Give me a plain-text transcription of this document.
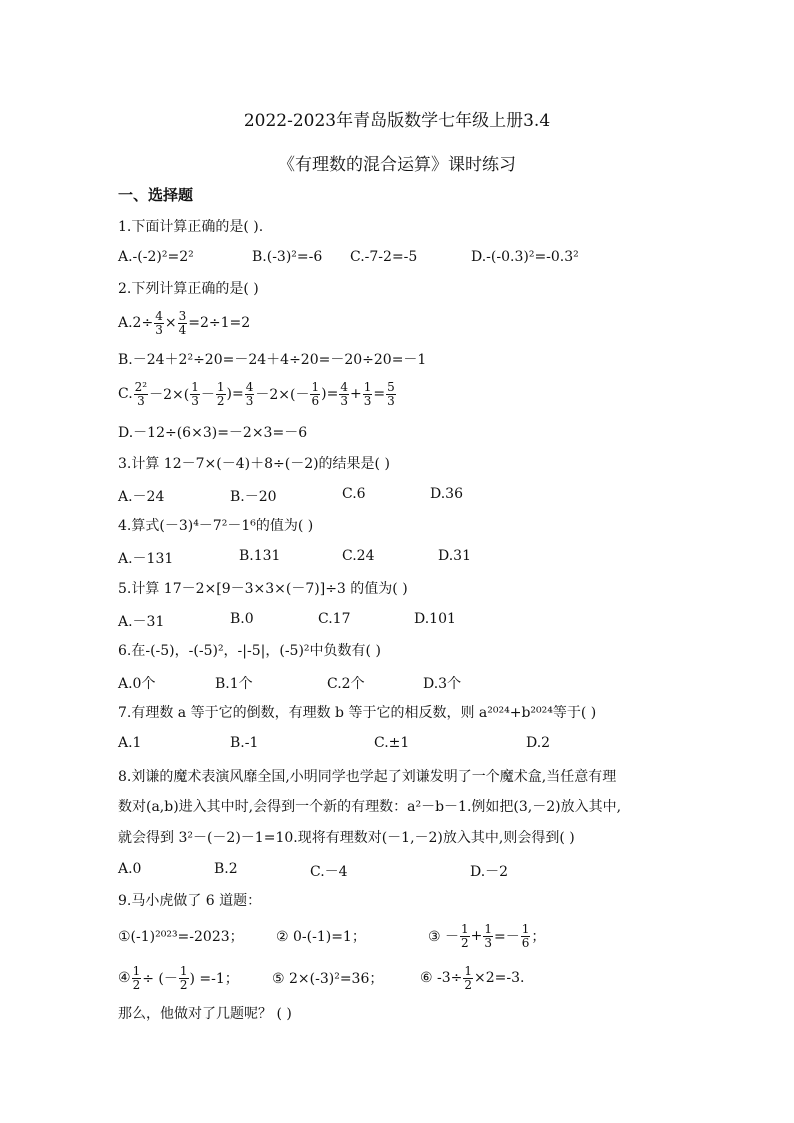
2022-2023年青岛版数学七年级上册3.4
《有理数的混合运算》课时练习
一、选择题
1.下面计算正确的是( ).
A.-(-2)²=2²	B.(-3)²=-6 C.-7-2=-5	D.-(-0.3)²=-0.3²
2.下列计算正确的是( )
$A.2\div \frac{4}{3} \times \frac{3}{4} =2\div 1=2$
B.－24＋2²÷20=－24＋4÷20=－20÷20=－1
C. $\frac{\text{2²}}{3} -2\times( \frac{1}{3} - \frac{1}{2}$ )= $\frac{4}{3} -2\times(- \frac{1}{6}$ )= $\frac{4}{3} + \frac{1}{3} = \frac{5}{3}$
D.－12÷(6×3)=－2×3=－6
3.计算 12－7×(－4)＋8÷(－2)的结果是( )
A.－24	B.－20	C.6	D.36
4.算式(－3)⁴－7²－1⁶的值为( )
A.－131	B.131	C.24	D.31
5.计算 17－2×[9－3×3×(－7)]÷3 的值为( )
A.－31	B.0	C.17	D.101
6.在-(-5)，-(-5)²，-|-5|，(-5)²中负数有( )
A.0个	B.1个	C.2个	D.3个
7.有理数 a 等于它的倒数，有理数 b 等于它的相反数，则 a²⁰²⁴+b²⁰²⁴等于( )
A.1	B.-1	C.±1	D.2
8.刘谦的魔术表演风靡全国,小明同学也学起了刘谦发明了一个魔术盒,当任意有理
数对(a,b)进入其中时,会得到一个新的有理数：a²－b－1.例如把(3,－2)放入其中,
就会得到 3²－(－2)－1=10.现将有理数对(－1,－2)放入其中,则会得到( )
A.0	B.2	C.－4	D.－2
9.马小虎做了 6 道题：
①(-1)²⁰²³=-2023； ② 0-(-1)=1；	③ － $\frac{1}{2} + \frac{1}{3} =- \frac{1}{6}$ ；
④ $\frac{1}{2}$ ÷ (－ $\frac{1}{2}$ ) =-1； ⑤ 2×(-3)²=36；	⑥ $-3\div \frac{1}{2} \times 2=-3$.
那么，他做对了几题呢？ ( )
